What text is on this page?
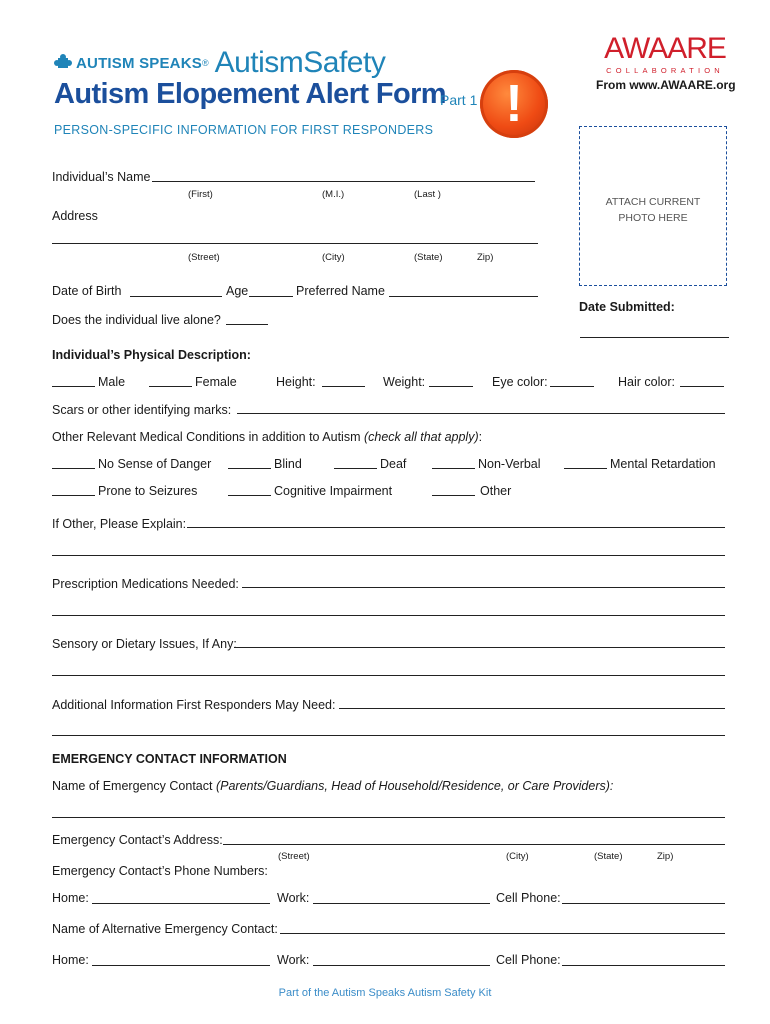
AUTISM SPEAKS ® AutismSafety
Autism Elopement Alert Form
Part 1 !
AWAARE
COLLABORATION
From www.AWAARE.org
PERSON-SPECIFIC INFORMATION FOR FIRST RESPONDERS
ATTACH CURRENT
PHOTO HERE
Date Submitted:
Individual’s Name
(First)	(M.I.)	(Last )
Address
(Street)	(City)	(State)	Zip)
Date of Birth	Age	Preferred Name
Does the individual live alone?
Individual’s Physical Description:
Male	Female	Height:	Weight:	Eye color:	Hair color:
Scars or other identifying marks:
Other Relevant Medical Conditions in addition to Autism (check all that apply):
No Sense of Danger	Blind	Deaf	Non-Verbal	Mental Retardation
Prone to Seizures	Cognitive Impairment	Other
If Other, Please Explain:
Prescription Medications Needed:
Sensory or Dietary Issues, If Any:
Additional Information First Responders May Need:
EMERGENCY CONTACT INFORMATION
Name of Emergency Contact (Parents/Guardians, Head of Household/Residence, or Care Providers):
Emergency Contact’s Address:
(Street)	(City)	(State)	Zip)
Emergency Contact’s Phone Numbers:
Home:	Work:	Cell Phone:
Name of Alternative Emergency Contact:
Home:	Work:	Cell Phone:
Part of the Autism Speaks Autism Safety Kit
